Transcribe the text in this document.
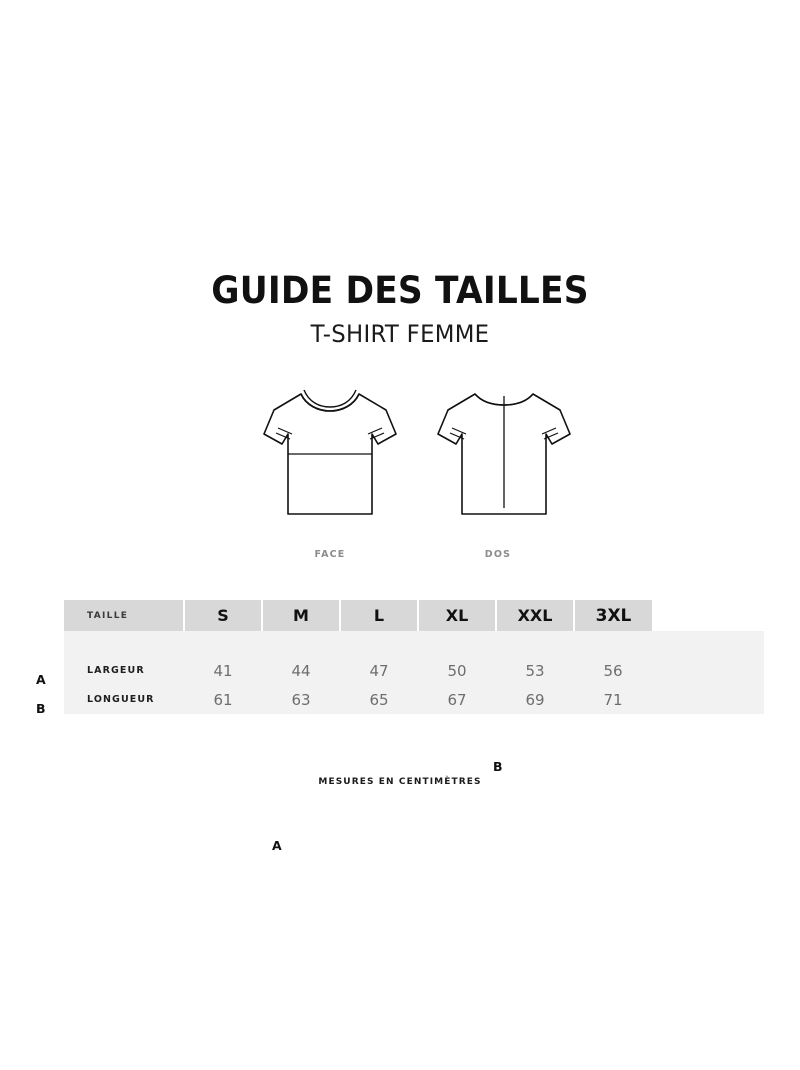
GUIDE DES TAILLES
T-SHIRT FEMME
A
B
FACE	DOS
A
B
TAILLE	S	M	L	XL	XXL	3XL	

LARGEUR	41	44	47	50	53	56	
LONGUEUR	61	63	65	67	69	71	
MESURES EN CENTIMÈTRES
